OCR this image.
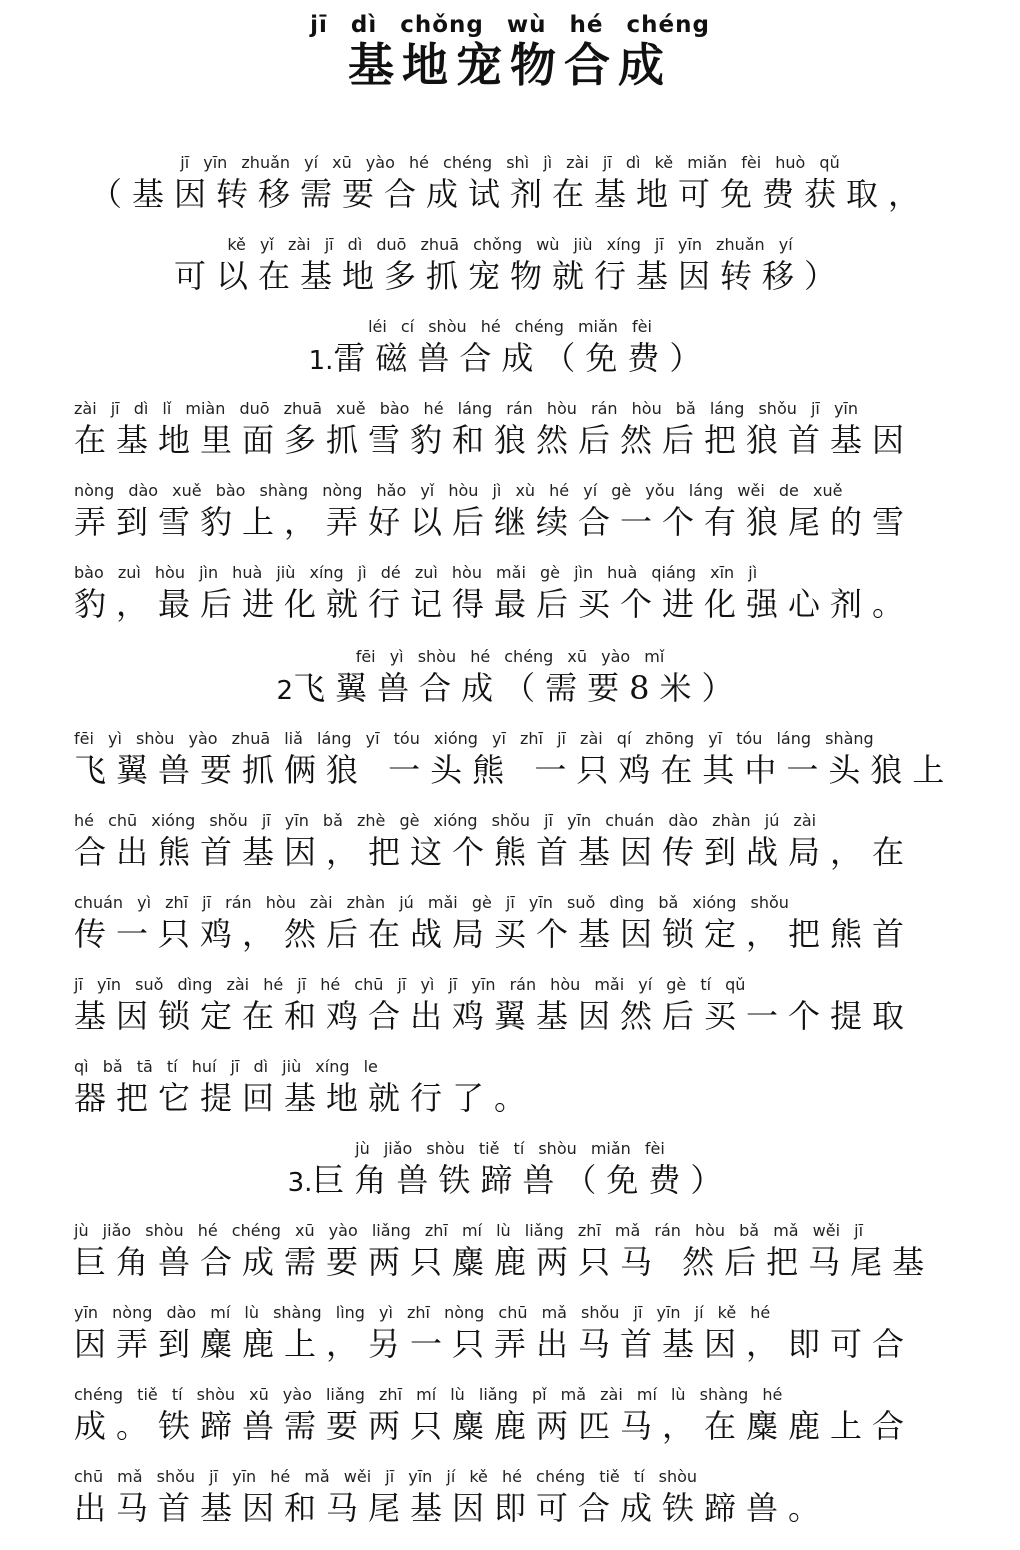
jī dì chǒng wù hé chéng
基地宠物合成
jī yīn zhuǎn yí xū yào hé chéng shì jì zài jī dì kě miǎn fèi huò qǔ
（基因转移需要合成试剂在基地可免费获取，
kě yǐ zài jī dì duō zhuā chǒng wù jiù xíng jī yīn zhuǎn yí
可以在基地多抓宠物就行基因转移）
léi cí shòu hé chéng miǎn fèi
1.雷磁兽合成（免费）
zài jī dì lǐ miàn duō zhuā xuě bào hé láng rán hòu rán hòu bǎ láng shǒu jī yīn
在基地里面多抓雪豹和狼然后然后把狼首基因
nòng dào xuě bào shàng nòng hǎo yǐ hòu jì xù hé yí gè yǒu láng wěi de xuě
弄到雪豹上，弄好以后继续合一个有狼尾的雪
bào zuì hòu jìn huà jiù xíng jì dé zuì hòu mǎi gè jìn huà qiáng xīn jì
豹，最后进化就行记得最后买个进化强心剂。
fēi yì shòu hé chéng xū yào mǐ
2飞翼兽合成（需要8米）
fēi yì shòu yào zhuā liǎ láng yī tóu xióng yī zhī jī zài qí zhōng yī tóu láng shàng
飞翼兽要抓俩狼 一头熊 一只鸡在其中一头狼上
hé chū xióng shǒu jī yīn bǎ zhè gè xióng shǒu jī yīn chuán dào zhàn jú zài
合出熊首基因，把这个熊首基因传到战局，在
chuán yì zhī jī rán hòu zài zhàn jú mǎi gè jī yīn suǒ dìng bǎ xióng shǒu
传一只鸡，然后在战局买个基因锁定，把熊首
jī yīn suǒ dìng zài hé jī hé chū jī yì jī yīn rán hòu mǎi yí gè tí qǔ
基因锁定在和鸡合出鸡翼基因然后买一个提取
qì bǎ tā tí huí jī dì jiù xíng le
器把它提回基地就行了。
jù jiǎo shòu tiě tí shòu miǎn fèi
3.巨角兽铁蹄兽（免费）
jù jiǎo shòu hé chéng xū yào liǎng zhī mí lù liǎng zhī mǎ rán hòu bǎ mǎ wěi jī
巨角兽合成需要两只麋鹿两只马 然后把马尾基
yīn nòng dào mí lù shàng lìng yì zhī nòng chū mǎ shǒu jī yīn jí kě hé
因弄到麋鹿上，另一只弄出马首基因，即可合
chéng tiě tí shòu xū yào liǎng zhī mí lù liǎng pǐ mǎ zài mí lù shàng hé
成。铁蹄兽需要两只麋鹿两匹马，在麋鹿上合
chū mǎ shǒu jī yīn hé mǎ wěi jī yīn jí kě hé chéng tiě tí shòu
出马首基因和马尾基因即可合成铁蹄兽。
